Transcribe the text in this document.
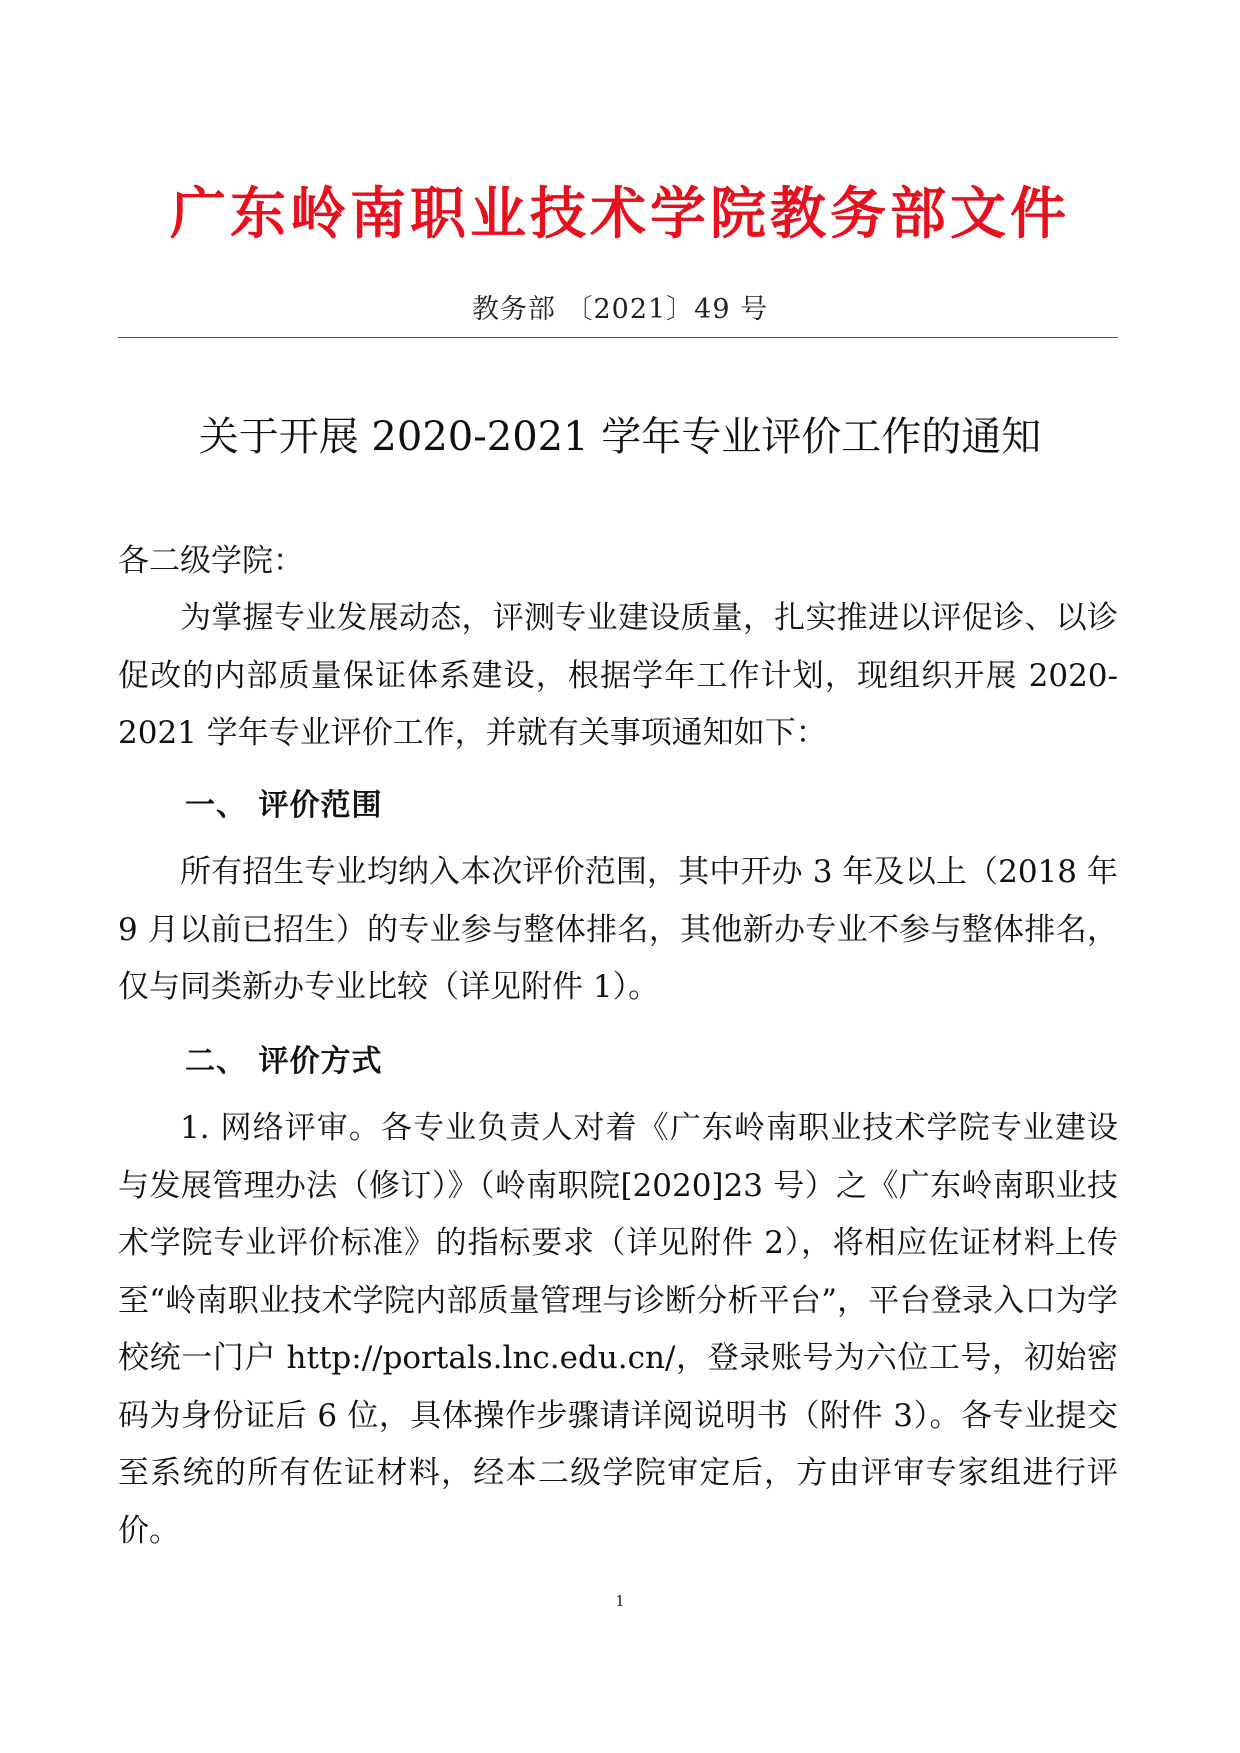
广东岭南职业技术学院教务部文件
教务部 〔2021〕49 号
关于开展 2020-2021 学年专业评价工作的通知
各二级学院：

为掌握专业发展动态，评测专业建设质量，扎实推进以评促诊、以诊促改的内部质量保证体系建设，根据学年工作计划，现组织开展 2020-2021 学年专业评价工作，并就有关事项通知如下：

一、 评价范围

所有招生专业均纳入本次评价范围，其中开办 3 年及以上（2018 年 9 月以前已招生）的专业参与整体排名，其他新办专业不参与整体排名，仅与同类新办专业比较（详见附件 1）。

二、 评价方式

1. 网络评审。各专业负责人对着《广东岭南职业技术学院专业建设与发展管理办法（修订）》（岭南职院[2020]23 号）之《广东岭南职业技术学院专业评价标准》的指标要求（详见附件 2），将相应佐证材料上传至“岭南职业技术学院内部质量管理与诊断分析平台”，平台登录入口为学校统一门户 http://portals.lnc.edu.cn/，登录账号为六位工号，初始密码为身份证后 6 位，具体操作步骤请详阅说明书（附件 3）。各专业提交至系统的所有佐证材料，经本二级学院审定后，方由评审专家组进行评价。

1
